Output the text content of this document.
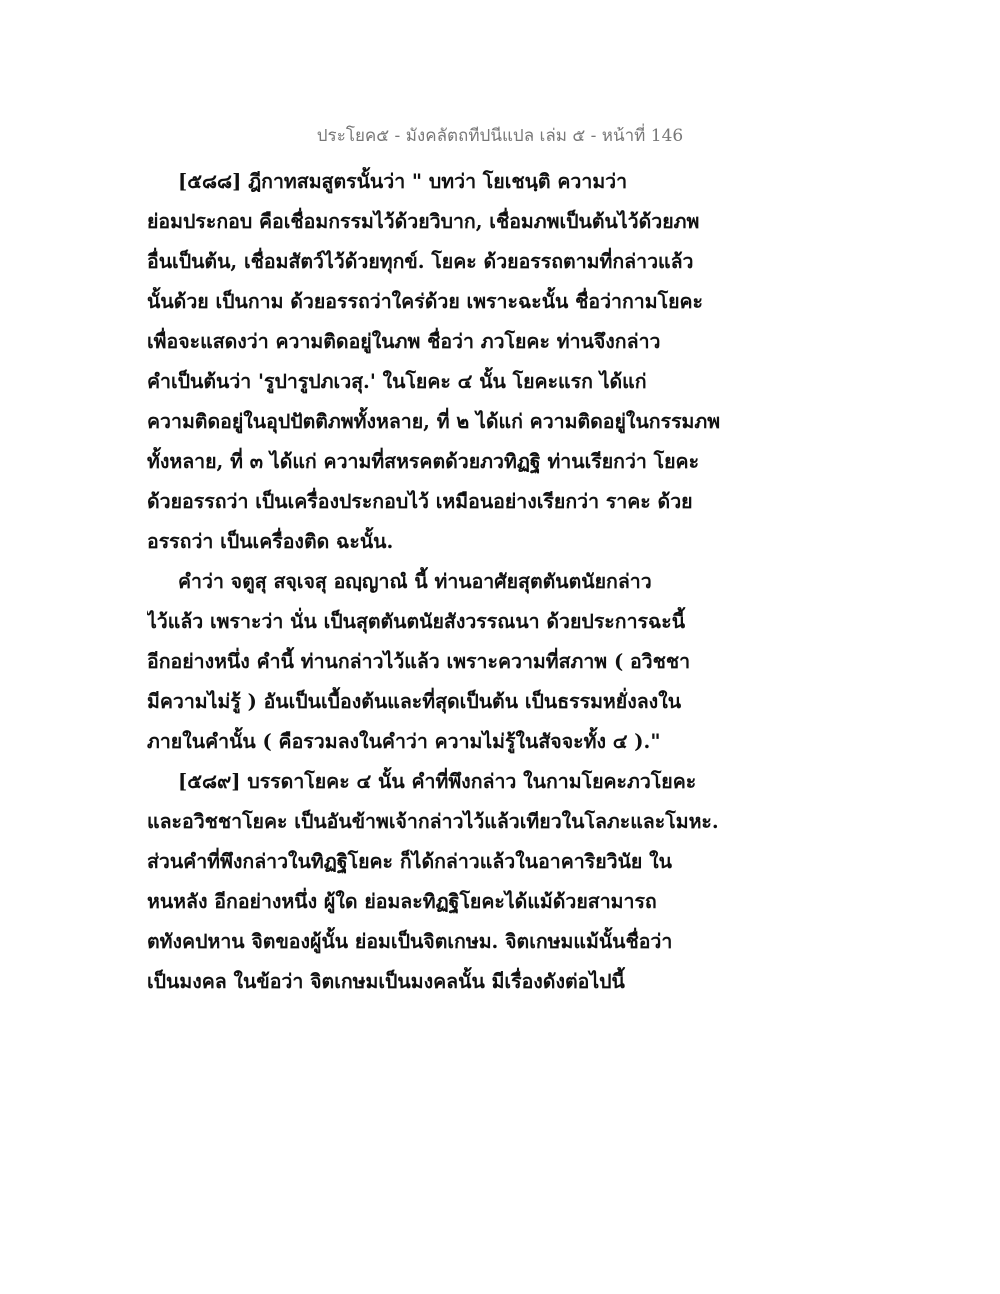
ประโยค๕ - มังคลัตถทีปนีแปล เล่ม ๕ - หน้าที่ 146
[๕๘๘] ฎีกาทสมสูตรนั้นว่า " บทว่า โยเชนฺติ ความว่า
ย่อมประกอบ คือเชื่อมกรรมไว้ด้วยวิบาก, เชื่อมภพเป็นต้นไว้ด้วยภพ
อื่นเป็นต้น, เชื่อมสัตว์ไว้ด้วยทุกข์. โยคะ ด้วยอรรถตามที่กล่าวแล้ว
นั้นด้วย เป็นกาม ด้วยอรรถว่าใคร่ด้วย เพราะฉะนั้น ชื่อว่ากามโยคะ
เพื่อจะแสดงว่า ความติดอยู่ในภพ ชื่อว่า ภวโยคะ ท่านจึงกล่าว
คำเป็นต้นว่า 'รูปารูปภเวสุ.' ในโยคะ ๔ นั้น โยคะแรก ได้แก่
ความติดอยู่ในอุปปัตติภพทั้งหลาย, ที่ ๒ ได้แก่ ความติดอยู่ในกรรมภพ
ทั้งหลาย, ที่ ๓ ได้แก่ ความที่สหรคตด้วยภวทิฏฐิ ท่านเรียกว่า โยคะ
ด้วยอรรถว่า เป็นเครื่องประกอบไว้ เหมือนอย่างเรียกว่า ราคะ ด้วย
อรรถว่า เป็นเครื่องติด ฉะนั้น.
คำว่า จตูสุ สจฺเจสุ อญฺญาณํ นี้ ท่านอาศัยสุตตันตนัยกล่าว
ไว้แล้ว เพราะว่า นั่น เป็นสุตตันตนัยสังวรรณนา ด้วยประการฉะนี้
อีกอย่างหนึ่ง คำนี้ ท่านกล่าวไว้แล้ว เพราะความที่สภาพ ( อวิชชา
มีความไม่รู้ ) อันเป็นเบื้องต้นและที่สุดเป็นต้น เป็นธรรมหยั่งลงใน
ภายในคำนั้น ( คือรวมลงในคำว่า ความไม่รู้ในสัจจะทั้ง ๔ )."
[๕๘๙] บรรดาโยคะ ๔ นั้น คำที่พึงกล่าว ในกามโยคะภวโยคะ
และอวิชชาโยคะ เป็นอันข้าพเจ้ากล่าวไว้แล้วเทียวในโลภะและโมหะ.
ส่วนคำที่พึงกล่าวในทิฏฐิโยคะ ก็ได้กล่าวแล้วในอาคาริยวินัย ใน
หนหลัง อีกอย่างหนึ่ง ผู้ใด ย่อมละทิฏฐิโยคะได้แม้ด้วยสามารถ
ตทังคปหาน จิตของผู้นั้น ย่อมเป็นจิตเกษม. จิตเกษมแม้นั้นชื่อว่า
เป็นมงคล ในข้อว่า จิตเกษมเป็นมงคลนั้น มีเรื่องดังต่อไปนี้
